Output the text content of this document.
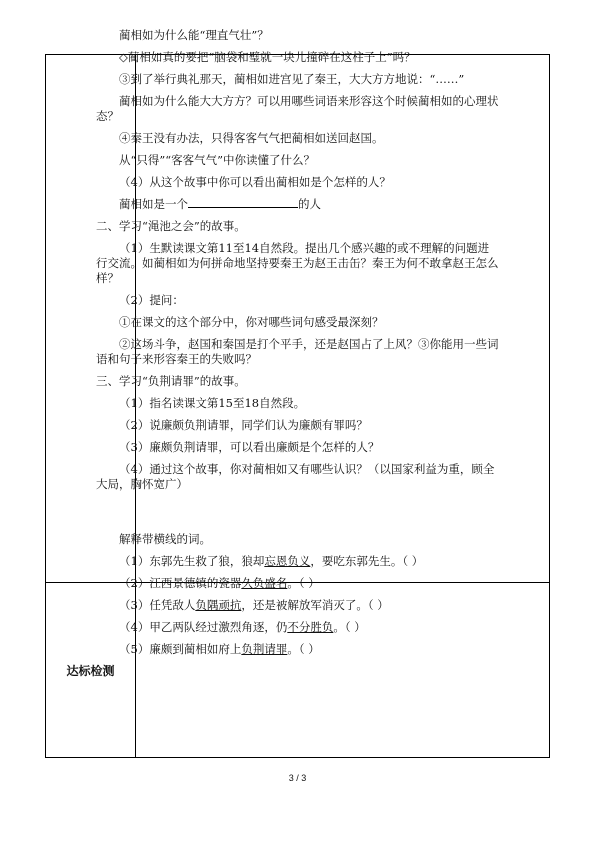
达标检测

蔺相如为什么能“理直气壮”？

◇蔺相如真的要把“脑袋和璧就一块儿撞碎在这柱子上”吗？

③到了举行典礼那天，蔺相如进宫见了秦王，大大方方地说：“……”

蔺相如为什么能大大方方？可以用哪些词语来形容这个时候蔺相如的心理状态？

④秦王没有办法，只得客客气气把蔺相如送回赵国。

从“只得”“客客气气”中你读懂了什么？

（4）从这个故事中你可以看出蔺相如是个怎样的人？

蔺相如是一个	的人

二、学习“渑池之会”的故事。

（1）生默读课文第11至14自然段。提出几个感兴趣的或不理解的问题进行交流。如蔺相如为何拼命地坚持要秦王为赵王击缶？秦王为何不敢拿赵王怎么样？

（2）提问：

①在课文的这个部分中，你对哪些词句感受最深刻？

②这场斗争，赵国和秦国是打个平手，还是赵国占了上风？③你能用一些词语和句子来形容秦王的失败吗？

三、学习“负荆请罪”的故事。

（1）指名读课文第15至18自然段。

（2）说廉颇负荆请罪，同学们认为廉颇有罪吗？

（3）廉颇负荆请罪，可以看出廉颇是个怎样的人？

（4）通过这个故事，你对蔺相如又有哪些认识？（以国家利益为重，顾全大局，胸怀宽广）

解释带横线的词。

（1）东郭先生救了狼，狼却忘恩负义，要吃东郭先生。（ ）

（2）江西景德镇的瓷器久负盛名。（ ）

（3）任凭敌人负隅顽抗，还是被解放军消灭了。（ ）

（4）甲乙两队经过激烈角逐，仍不分胜负。（ ）

（5）廉颇到蔺相如府上负荆请罪。（ ）

3 / 3
